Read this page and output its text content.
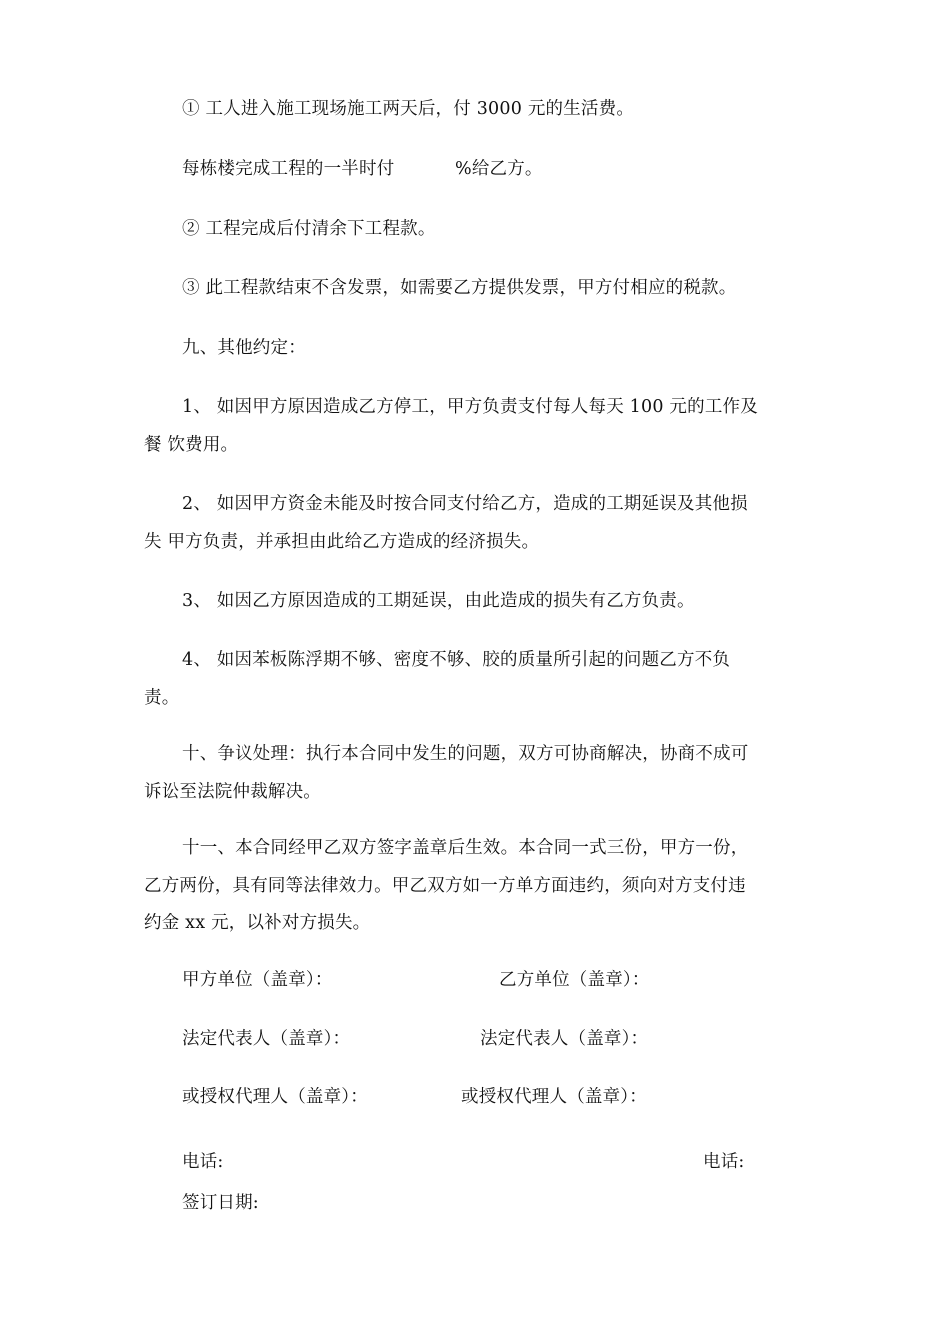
① 工人进入施工现场施工两天后，付 3000 元的生活费。
每栋楼完成工程的一半时付	%给乙方。
② 工程完成后付清余下工程款。
③ 此工程款结束不含发票，如需要乙方提供发票，甲方付相应的税款。
九、其他约定：
1、 如因甲方原因造成乙方停工，甲方负责支付每人每天 100 元的工作及
餐 饮费用。
2、 如因甲方资金未能及时按合同支付给乙方，造成的工期延误及其他损
失 甲方负责，并承担由此给乙方造成的经济损失。
3、 如因乙方原因造成的工期延误，由此造成的损失有乙方负责。
4、 如因苯板陈浮期不够、密度不够、胶的质量所引起的问题乙方不负
责。
十、争议处理：执行本合同中发生的问题，双方可协商解决，协商不成可
诉讼至法院仲裁解决。
十一、本合同经甲乙双方签字盖章后生效。本合同一式三份，甲方一份，
乙方两份，具有同等法律效力。甲乙双方如一方单方面违约，须向对方支付违
约金 xx 元，以补对方损失。
甲方单位（盖章）：	乙方单位（盖章）：
法定代表人（盖章）：	法定代表人（盖章）：
或授权代理人（盖章）：	或授权代理人（盖章）：
电话:	电话:
签订日期:
